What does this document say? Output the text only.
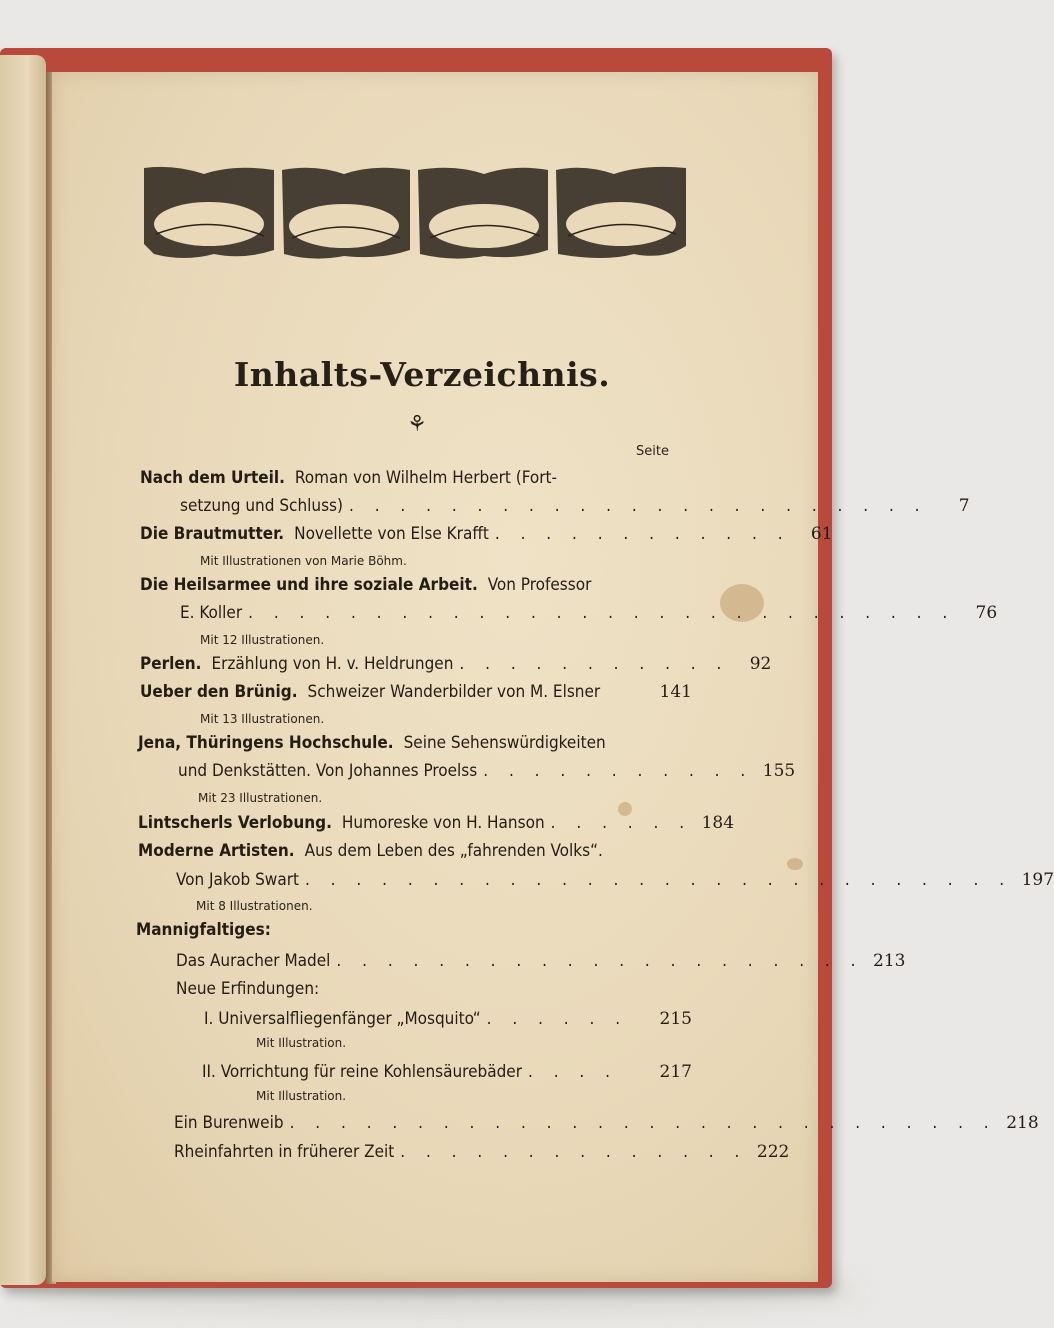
Inhalts-Verzeichnis.
⚘
Seite
Nach dem Urteil. Roman von Wilhelm Herbert (Fort-
setzung und Schluss) . . . . . . . . . . . . . . . . . . . . . . .	7
Die Brautmutter. Novellette von Else Krafft . . . . . . . . . . . .	61
Mit Illustrationen von Marie Böhm.
Die Heilsarmee und ihre soziale Arbeit. Von Professor
E. Koller . . . . . . . . . . . . . . . . . . . . . . . . . . . .	76
Mit 12 Illustrationen.
Perlen. Erzählung von H. v. Heldrungen . . . . . . . . . . .	92
Ueber den Brünig. Schweizer Wanderbilder von M. Elsner	141
Mit 13 Illustrationen.
Jena, Thüringens Hochschule. Seine Sehenswürdigkeiten
und Denkstätten. Von Johannes Proelss . . . . . . . . . . . 155
Mit 23 Illustrationen.
Lintscherls Verlobung. Humoreske von H. Hanson . . . . . . 184
Moderne Artisten. Aus dem Leben des „fahrenden Volks“.
Von Jakob Swart . . . . . . . . . . . . . . . . . . . . . . . . . . . . 197
Mit 8 Illustrationen.
Mannigfaltiges:
Das Auracher Madel . . . . . . . . . . . . . . . . . . . . . 213
Neue Erfindungen:
I. Universalfliegenfänger „Mosquito“ . . . . . .	215
Mit Illustration.
II. Vorrichtung für reine Kohlensäurebäder . . . .	217
Mit Illustration.
Ein Burenweib . . . . . . . . . . . . . . . . . . . . . . . . . . . . 218
Rheinfahrten in früherer Zeit . . . . . . . . . . . . . . 222
